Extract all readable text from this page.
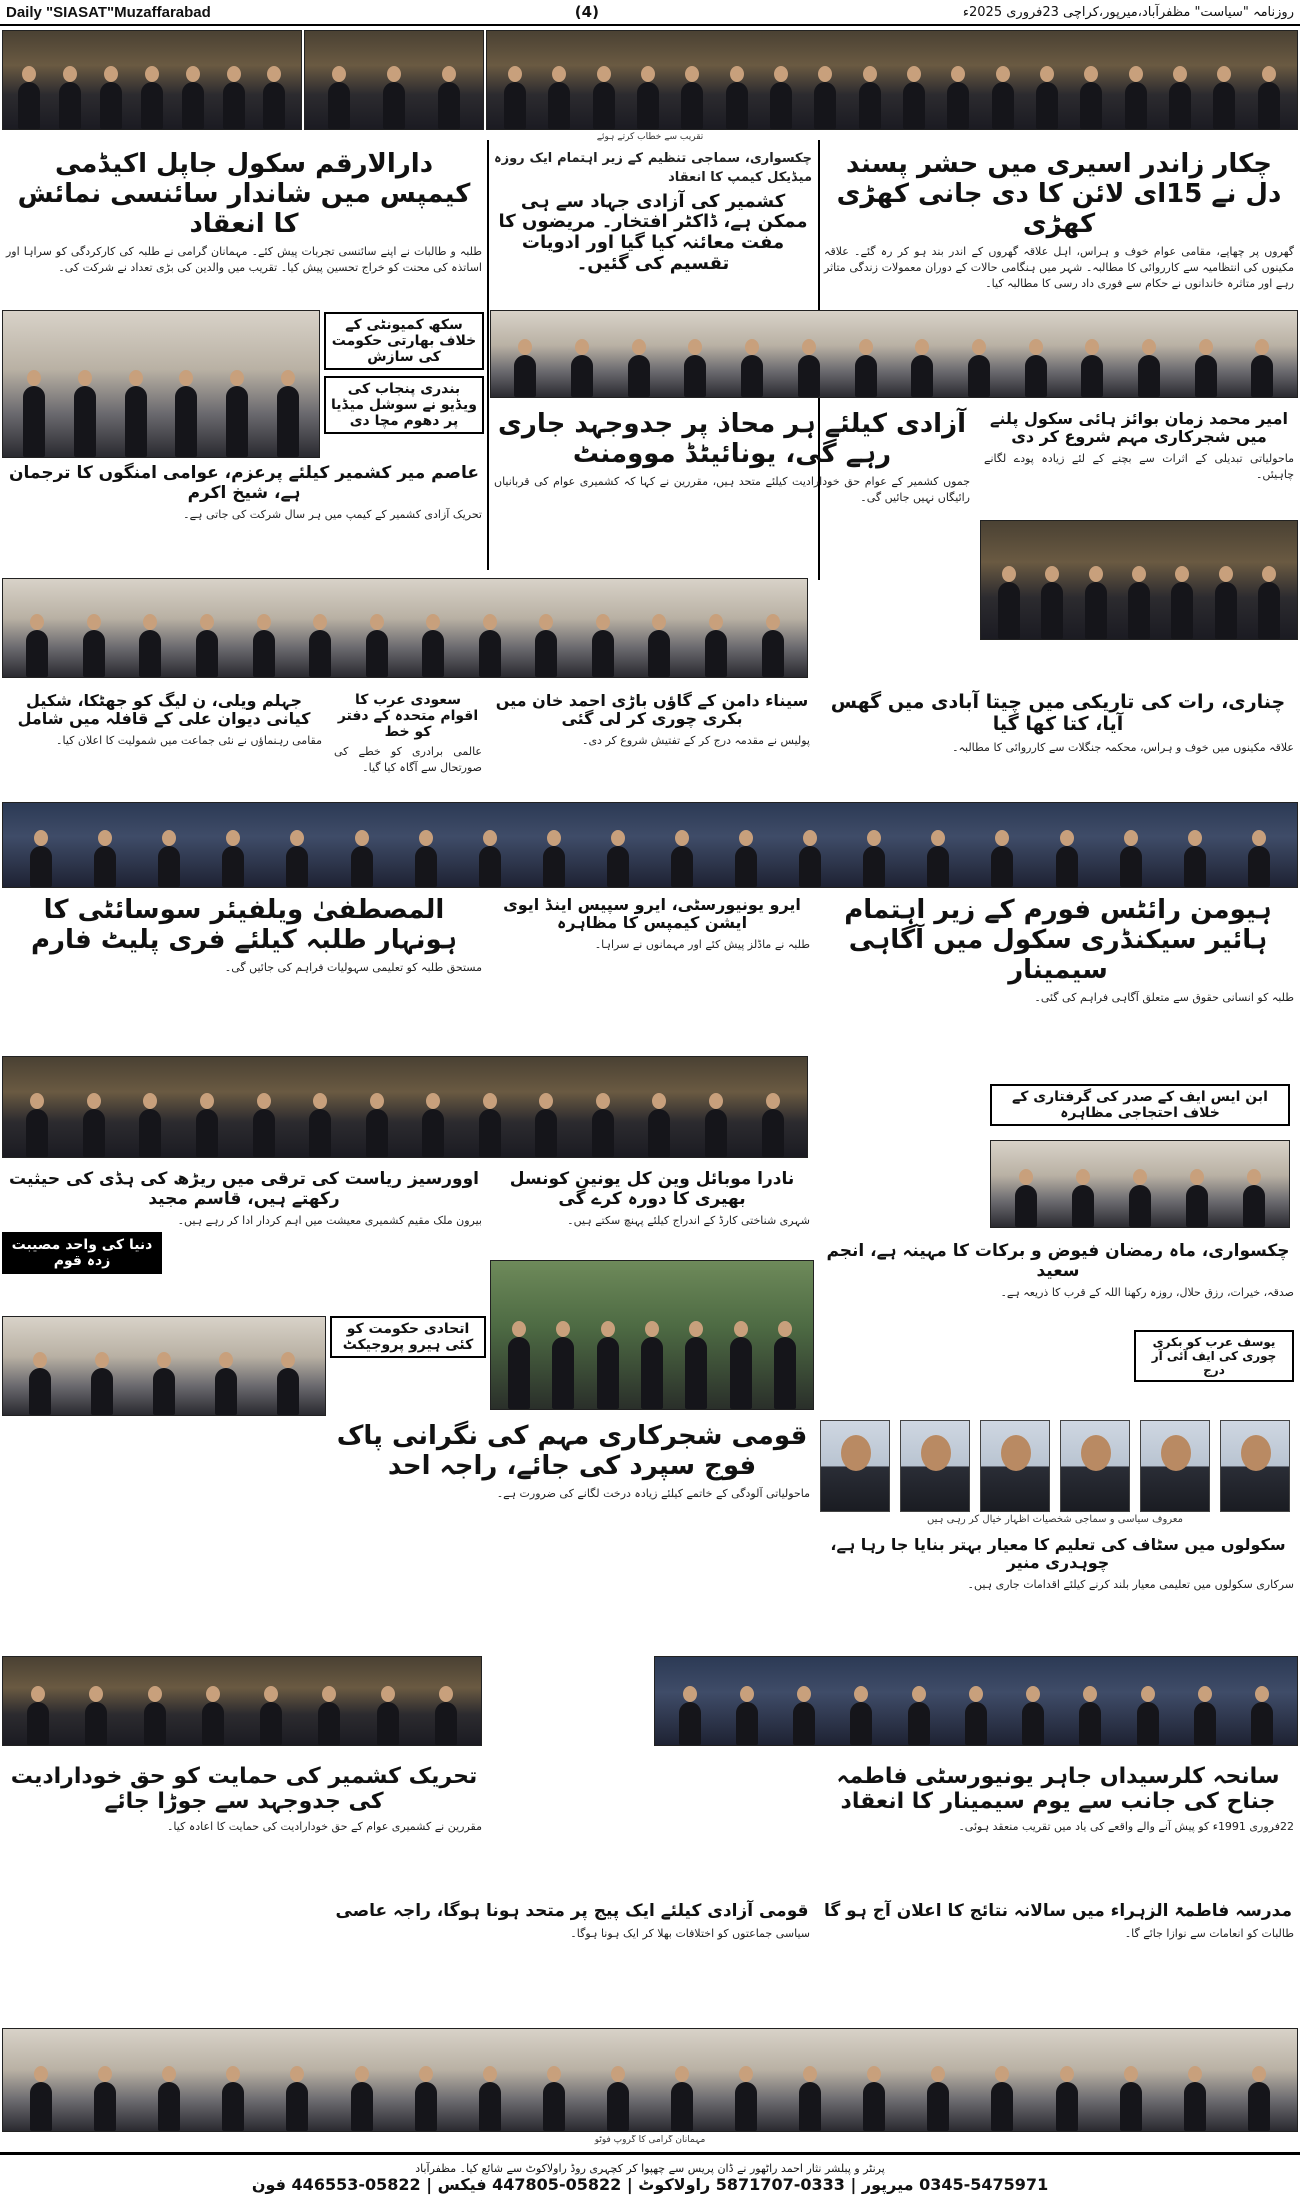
Daily "SIASAT"Muzaffarabad	(4)	روزنامہ "سیاست" مظفرآباد،میرپور،کراچی 23فروری 2025ء
تقریب سے خطاب کرتے ہوئے
چکار زاندر اسیری میں حشر پسند دل نے 15ای لائن کا دی جانی کھڑی کھڑی
گھروں پر چھاپے، مقامی عوام خوف و ہراس، اہل علاقہ گھروں کے اندر بند ہو کر رہ گئے۔ علاقہ مکینوں کی انتظامیہ سے کارروائی کا مطالبہ۔ شہر میں ہنگامی حالات کے دوران معمولات زندگی متاثر رہے اور متاثرہ خاندانوں نے حکام سے فوری داد رسی کا مطالبہ کیا۔
چکسواری، سماجی تنظیم کے زیر اہتمام ایک روزہ میڈیکل کیمپ کا انعقاد
کشمیر کی آزادی جہاد سے ہی ممکن ہے، ڈاکٹر افتخار۔ مریضوں کا مفت معائنہ کیا گیا اور ادویات تقسیم کی گئیں۔
دارالارقم سکول جاپل اکیڈمی کیمپس میں شاندار سائنسی نمائش کا انعقاد
طلبہ و طالبات نے اپنے سائنسی تجربات پیش کئے۔ مہمانان گرامی نے طلبہ کی کارکردگی کو سراہا اور اساتذہ کی محنت کو خراج تحسین پیش کیا۔ تقریب میں والدین کی بڑی تعداد نے شرکت کی۔
سکھ کمیونٹی کے خلاف بھارتی حکومت کی سازش
بندری پنجاب کی ویڈیو نے سوشل میڈیا پر دھوم مچا دی	امیر محمد زمان بوائز ہائی سکول پلنے میں شجرکاری مہم شروع کر دی
ماحولیاتی تبدیلی کے اثرات سے بچنے کے لئے زیادہ پودے لگانے چاہیئں۔
آزادی کیلئے ہر محاذ پر جدوجہد جاری رہے گی، یونائیٹڈ موومنٹ
جموں کشمیر کے عوام حق خودارادیت کیلئے متحد ہیں، مقررین نے کہا کہ کشمیری عوام کی قربانیاں رائیگاں نہیں جائیں گی۔
عاصم میر کشمیر کیلئے پرعزم، عوامی امنگوں کا ترجمان ہے، شیخ اکرم
تحریک آزادی کشمیر کے کیمپ میں ہر سال شرکت کی جاتی ہے۔
چناری، رات کی تاریکی میں چیتا آبادی میں گھس آیا، کتا کھا گیا
علاقہ مکینوں میں خوف و ہراس، محکمہ جنگلات سے کارروائی کا مطالبہ۔
سیناء دامن کے گاؤں باڑی احمد خان میں بکری چوری کر لی گئی
پولیس نے مقدمہ درج کر کے تفتیش شروع کر دی۔
سعودی عرب کا اقوام متحدہ کے دفتر کو خط
عالمی برادری کو خطے کی صورتحال سے آگاہ کیا گیا۔
جہلم ویلی، ن لیگ کو جھٹکا، شکیل کیانی دیوان علی کے قافلہ میں شامل
مقامی رہنماؤں نے نئی جماعت میں شمولیت کا اعلان کیا۔
ہیومن رائٹس فورم کے زیر اہتمام ہائیر سیکنڈری سکول میں آگاہی سیمینار
طلبہ کو انسانی حقوق سے متعلق آگاہی فراہم کی گئی۔
ایرو یونیورسٹی، ایرو سپیس اینڈ ایوی ایشن کیمپس کا مظاہرہ
طلبہ نے ماڈلز پیش کئے اور مہمانوں نے سراہا۔
المصطفیٰ ویلفیئر سوسائٹی کا ہونہار طلبہ کیلئے فری پلیٹ فارم
مستحق طلبہ کو تعلیمی سہولیات فراہم کی جائیں گی۔
ابن ایس ایف کے صدر کی گرفتاری کے خلاف احتجاجی مظاہرہ
نادرا موبائل وین کل یونین کونسل بھیری کا دورہ کرے گی
شہری شناختی کارڈ کے اندراج کیلئے پہنچ سکتے ہیں۔
اوورسیز ریاست کی ترقی میں ریڑھ کی ہڈی کی حیثیت رکھتے ہیں، قاسم مجید
بیرون ملک مقیم کشمیری معیشت میں اہم کردار ادا کر رہے ہیں۔
دنیا کی واحد مصیبت زدہ قوم
اتحادی حکومت کو کئی ہیرو پروجیکٹ
چکسواری، ماہ رمضان فیوض و برکات کا مہینہ ہے، انجم سعید
صدقہ، خیرات، رزق حلال، روزہ رکھنا اللہ کے قرب کا ذریعہ ہے۔
یوسف عرب کو بکری چوری کی ایف آئی آر درج
معروف سیاسی و سماجی شخصیات اظہار خیال کر رہی ہیں
قومی شجرکاری مہم کی نگرانی پاک فوج سپرد کی جائے، راجہ احد
ماحولیاتی آلودگی کے خاتمے کیلئے زیادہ درخت لگانے کی ضرورت ہے۔
سکولوں میں سٹاف کی تعلیم کا معیار بہتر بنایا جا رہا ہے، چوہدری منیر
سرکاری سکولوں میں تعلیمی معیار بلند کرنے کیلئے اقدامات جاری ہیں۔
سانحہ کلرسیداں جاہر یونیورسٹی فاطمہ جناح کی جانب سے یوم سیمینار کا انعقاد
22فروری 1991ء کو پیش آنے والے واقعے کی یاد میں تقریب منعقد ہوئی۔
تحریک کشمیر کی حمایت کو حق خودارادیت کی جدوجہد سے جوڑا جائے
مقررین نے کشمیری عوام کے حق خودارادیت کی حمایت کا اعادہ کیا۔
مدرسہ فاطمۃ الزہراء میں سالانہ نتائج کا اعلان آج ہو گا
طالبات کو انعامات سے نوازا جائے گا۔
قومی آزادی کیلئے ایک پیج پر متحد ہونا ہوگا، راجہ عاصی
سیاسی جماعتوں کو اختلافات بھلا کر ایک ہونا ہوگا۔
مہمانان گرامی کا گروپ فوٹو
پرنٹر و پبلشر نثار احمد راٹھور نے ڈان پریس سے چھپوا کر کچہری روڈ راولاکوٹ سے شائع کیا۔ مظفرآباد
0345-5475971 میرپور | 0333-5871707 راولاکوٹ | 05822-447805 فیکس | 05822-446553 فون
